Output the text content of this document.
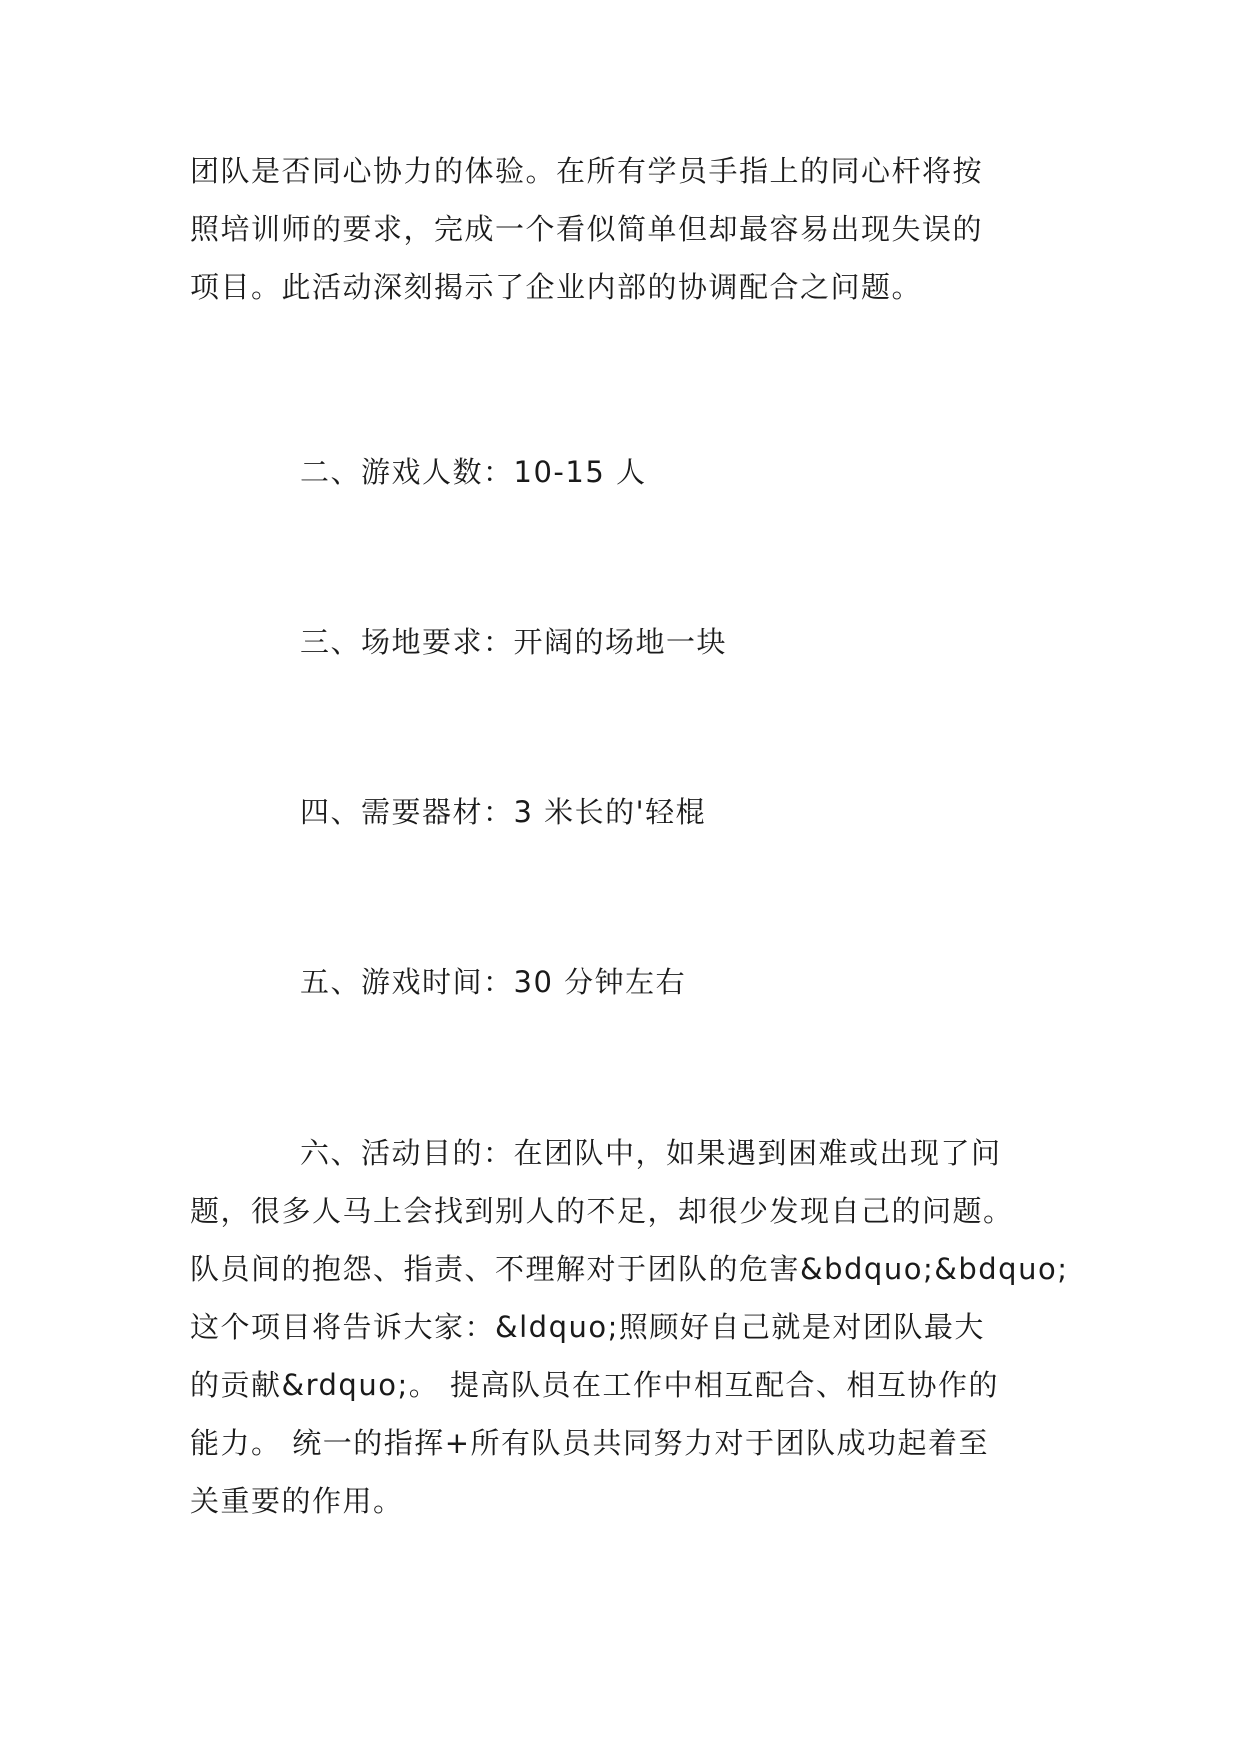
团队是否同心协力的体验。在所有学员手指上的同心杆将按
照培训师的要求，完成一个看似简单但却最容易出现失误的
项目。此活动深刻揭示了企业内部的协调配合之问题。

二、游戏人数：10-15 人

三、场地要求：开阔的场地一块

四、需要器材：3 米长的'轻棍

五、游戏时间：30 分钟左右

六、活动目的：在团队中，如果遇到困难或出现了问
题，很多人马上会找到别人的不足，却很少发现自己的问题。
队员间的抱怨、指责、不理解对于团队的危害&bdquo;&bdquo;
这个项目将告诉大家：&ldquo;照顾好自己就是对团队最大
的贡献&rdquo;。 提高队员在工作中相互配合、相互协作的
能力。 统一的指挥+所有队员共同努力对于团队成功起着至
关重要的作用。
